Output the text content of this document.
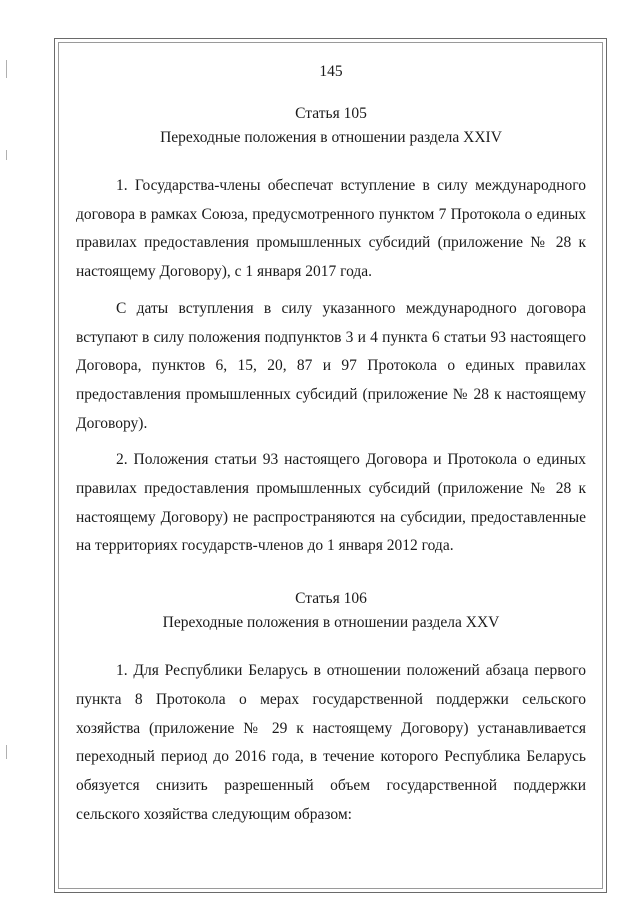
145
Статья 105
Переходные положения в отношении раздела XXIV

1. Государства-члены обеспечат вступление в силу международного договора в рамках Союза, предусмотренного пунктом 7 Протокола о единых правилах предоставления промышленных субсидий (приложение № 28 к настоящему Договору), с 1 января 2017 года.

С даты вступления в силу указанного международного договора вступают в силу положения подпунктов 3 и 4 пункта 6 статьи 93 настоящего Договора, пунктов 6, 15, 20, 87 и 97 Протокола о единых правилах предоставления промышленных субсидий (приложение № 28 к настоящему Договору).

2. Положения статьи 93 настоящего Договора и Протокола о единых правилах предоставления промышленных субсидий (приложение № 28 к настоящему Договору) не распространяются на субсидии, предоставленные на территориях государств-членов до 1 января 2012 года.

Статья 106
Переходные положения в отношении раздела XXV

1. Для Республики Беларусь в отношении положений абзаца первого пункта 8 Протокола о мерах государственной поддержки сельского хозяйства (приложение № 29 к настоящему Договору) устанавливается переходный период до 2016 года, в течение которого Республика Беларусь обязуется снизить разрешенный объем государственной поддержки сельского хозяйства следующим образом:
